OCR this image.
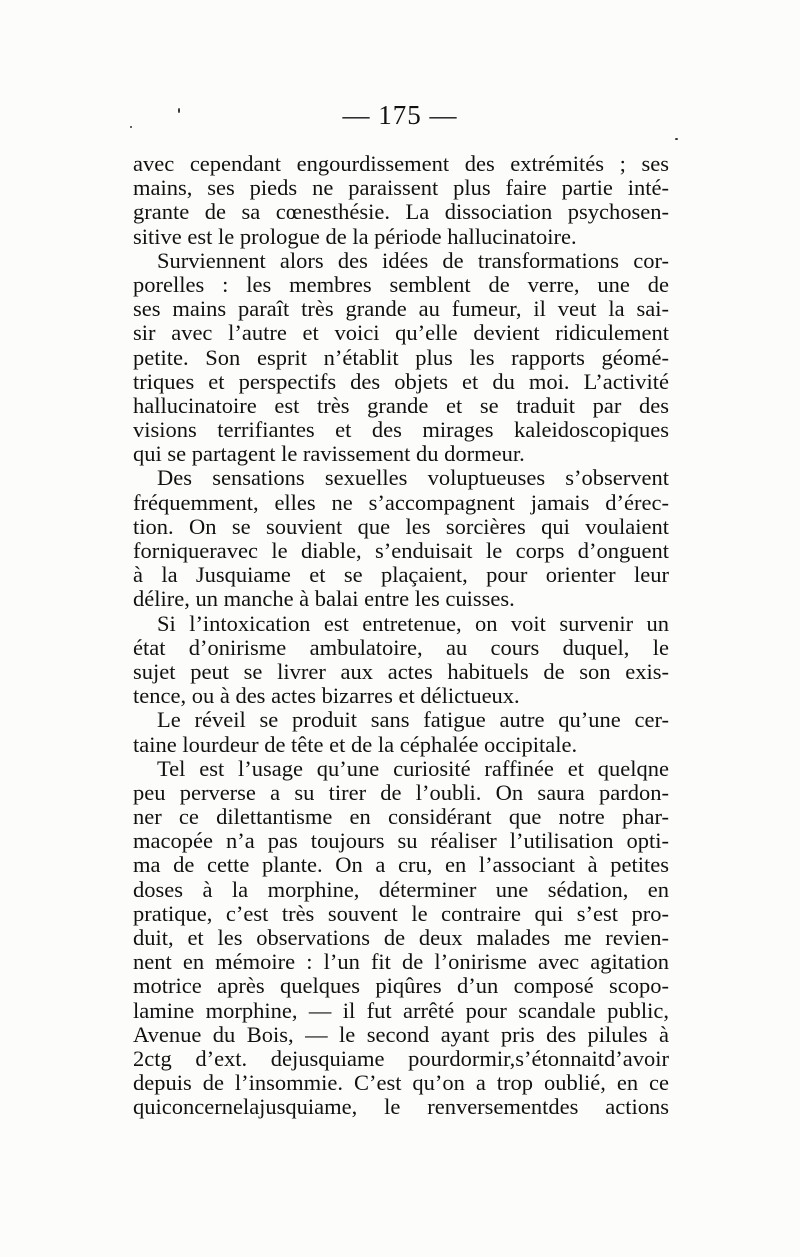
— 175 —
avec cependant engourdissement des extrémités ; ses
mains, ses pieds ne paraissent plus faire partie inté-
grante de sa cœnesthésie. La dissociation psychosen-
sitive est le prologue de la période hallucinatoire.
Surviennent alors des idées de transformations cor-
porelles : les membres semblent de verre, une de
ses mains paraît très grande au fumeur, il veut la sai-
sir avec l’autre et voici qu’elle devient ridiculement
petite. Son esprit n’établit plus les rapports géomé-
triques et perspectifs des objets et du moi. L’activité
hallucinatoire est très grande et se traduit par des
visions terrifiantes et des mirages kaleidoscopiques
qui se partagent le ravissement du dormeur.
Des sensations sexuelles voluptueuses s’observent
fréquemment, elles ne s’accompagnent jamais d’érec-
tion. On se souvient que les sorcières qui voulaient
forniqueravec le diable, s’enduisait le corps d’onguent
à la Jusquiame et se plaçaient, pour orienter leur
délire, un manche à balai entre les cuisses.
Si l’intoxication est entretenue, on voit survenir un
état d’onirisme ambulatoire, au cours duquel, le
sujet peut se livrer aux actes habituels de son exis-
tence, ou à des actes bizarres et délictueux.
Le réveil se produit sans fatigue autre qu’une cer-
taine lourdeur de tête et de la céphalée occipitale.
Tel est l’usage qu’une curiosité raffinée et quelqne
peu perverse a su tirer de l’oubli. On saura pardon-
ner ce dilettantisme en considérant que notre phar-
macopée n’a pas toujours su réaliser l’utilisation opti-
ma de cette plante. On a cru, en l’associant à petites
doses à la morphine, déterminer une sédation, en
pratique, c’est très souvent le contraire qui s’est pro-
duit, et les observations de deux malades me revien-
nent en mémoire : l’un fit de l’onirisme avec agitation
motrice après quelques piqûres d’un composé scopo-
lamine morphine, — il fut arrêté pour scandale public,
Avenue du Bois, — le second ayant pris des pilules à
2ctg d’ext. dejusquiame pourdormir,s’étonnaitd’avoir
depuis de l’insommie. C’est qu’on a trop oublié, en ce
quiconcernelajusquiame, le renversementdes actions
